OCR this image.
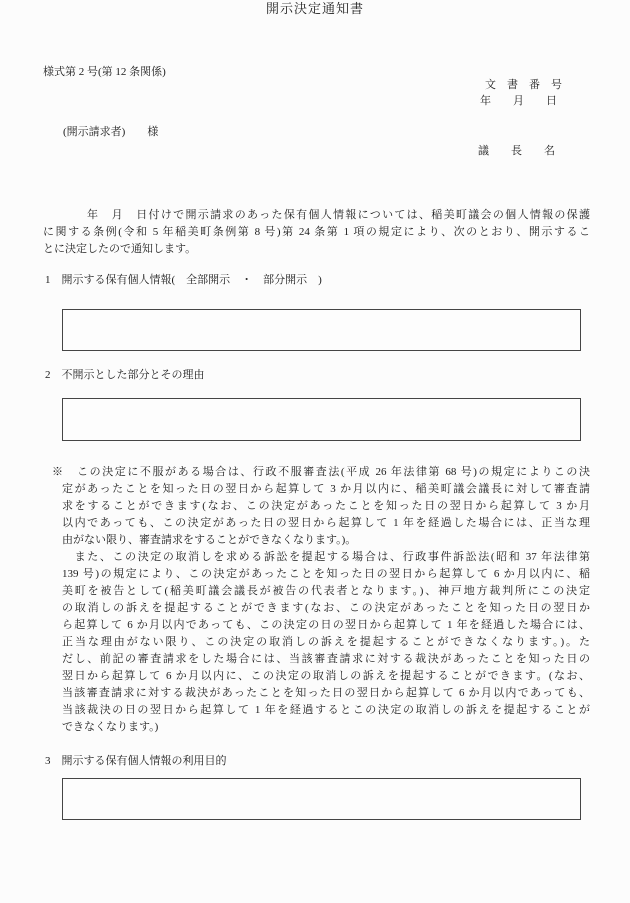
様式第 2 号(第 12 条関係)
文　書　番　号
年　　月　　日
(開示請求者)　　様
議　　長　　名
開示決定通知書
年　月　日付けで開示請求のあった保有個人情報については、稲美町議会の個人情報の保護
に関する条例(令和 5 年稲美町条例第 8 号)第 24 条第 1 項の規定により、次のとおり、開示するこ
とに決定したので通知します。
1　開示する保有個人情報(　全部開示　・　部分開示　)
2　不開示とした部分とその理由
※　この決定に不服がある場合は、行政不服審査法(平成 26 年法律第 68 号)の規定によりこの決
定があったことを知った日の翌日から起算して 3 か月以内に、稲美町議会議長に対して審査請
求をすることができます(なお、この決定があったことを知った日の翌日から起算して 3 か月
以内であっても、この決定があった日の翌日から起算して 1 年を経過した場合には、正当な理
由がない限り、審査請求をすることができなくなります。)。
　また、この決定の取消しを求める訴訟を提起する場合は、行政事件訴訟法(昭和 37 年法律第
139 号)の規定により、この決定があったことを知った日の翌日から起算して 6 か月以内に、稲
美町を被告として(稲美町議会議長が被告の代表者となります。)、神戸地方裁判所にこの決定
の取消しの訴えを提起することができます(なお、この決定があったことを知った日の翌日か
ら起算して 6 か月以内であっても、この決定の日の翌日から起算して 1 年を経過した場合には、
正当な理由がない限り、この決定の取消しの訴えを提起することができなくなります。)。た
だし、前記の審査請求をした場合には、当該審査請求に対する裁決があったことを知った日の
翌日から起算して 6 か月以内に、この決定の取消しの訴えを提起することができます。(なお、
当該審査請求に対する裁決があったことを知った日の翌日から起算して 6 か月以内であっても、
当該裁決の日の翌日から起算して 1 年を経過するとこの決定の取消しの訴えを提起することが
できなくなります。)
3　開示する保有個人情報の利用目的
